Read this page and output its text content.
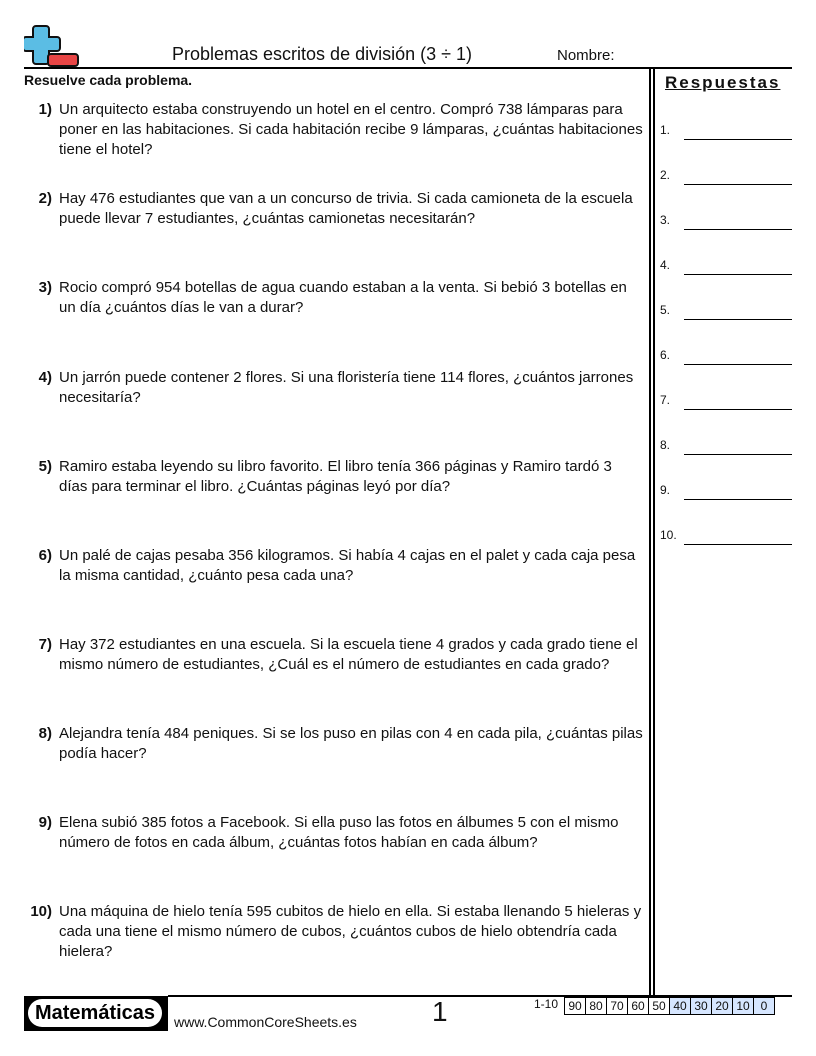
Problemas escritos de división (3 ÷ 1)	Nombre:
Resuelve cada problema.
1) Un arquitecto estaba construyendo un hotel en el centro. Compró 738 lámparas para poner en las habitaciones. Si cada habitación recibe 9 lámparas, ¿cuántas habitaciones tiene el hotel?
2) Hay 476 estudiantes que van a un concurso de trivia. Si cada camioneta de la escuela puede llevar 7 estudiantes, ¿cuántas camionetas necesitarán?
3) Rocio compró 954 botellas de agua cuando estaban a la venta. Si bebió 3 botellas en un día ¿cuántos días le van a durar?
4) Un jarrón puede contener 2 flores. Si una floristería tiene 114 flores, ¿cuántos jarrones necesitaría?
5) Ramiro estaba leyendo su libro favorito. El libro tenía 366 páginas y Ramiro tardó 3 días para terminar el libro. ¿Cuántas páginas leyó por día?
6) Un palé de cajas pesaba 356 kilogramos. Si había 4 cajas en el palet y cada caja pesa la misma cantidad, ¿cuánto pesa cada una?
7) Hay 372 estudiantes en una escuela. Si la escuela tiene 4 grados y cada grado tiene el mismo número de estudiantes, ¿Cuál es el número de estudiantes en cada grado?
8) Alejandra tenía 484 peniques. Si se los puso en pilas con 4 en cada pila, ¿cuántas pilas podía hacer?
9) Elena subió 385 fotos a Facebook. Si ella puso las fotos en álbumes 5 con el mismo número de fotos en cada álbum, ¿cuántas fotos habían en cada álbum?
10) Una máquina de hielo tenía 595 cubitos de hielo en ella. Si estaba llenando 5 hieleras y cada una tiene el mismo número de cubos, ¿cuántos cubos de hielo obtendría cada hielera?
Respuestas
1.
2.
3.
4.
5.
6.
7.
8.
9.
10.
Matemáticas	www.CommonCoreSheets.es	1	1-10 90	80	70	60	50	40	30	20	10	0
